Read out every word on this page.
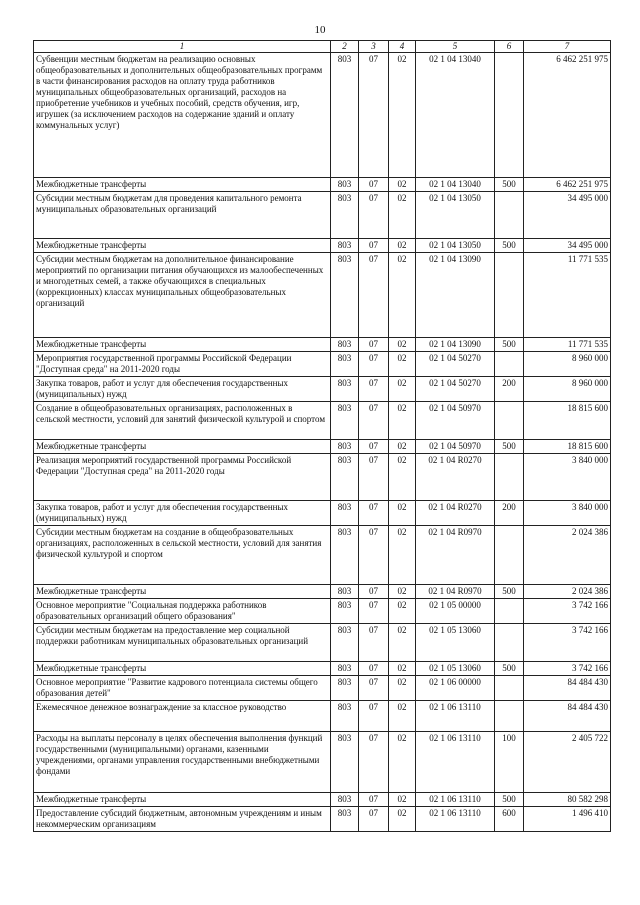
10
1	2	3	4	5	6	7
Субвенции местным бюджетам на реализацию основных общеобразовательных и дополнительных общеобразовательных программ в части финансирования расходов на оплату труда работников муниципальных общеобразовательных организаций, расходов на приобретение учебников и учебных пособий, средств обучения, игр, игрушек (за исключением расходов на содержание зданий и оплату коммунальных услуг)	803	07	02	02 1 04 13040		6 462 251 975
Межбюджетные трансферты	803	07	02	02 1 04 13040	500	6 462 251 975
Субсидии местным бюджетам для проведения капитального ремонта муниципальных образовательных организаций	803	07	02	02 1 04 13050		34 495 000
Межбюджетные трансферты	803	07	02	02 1 04 13050	500	34 495 000
Субсидии местным бюджетам на дополнительное финансирование мероприятий по организации питания обучающихся из малообеспеченных и многодетных семей, а также обучающихся в специальных (коррекционных) классах муниципальных общеобразовательных организаций	803	07	02	02 1 04 13090		11 771 535
Межбюджетные трансферты	803	07	02	02 1 04 13090	500	11 771 535
Мероприятия государственной программы Российской Федерации "Доступная среда" на 2011-2020 годы	803	07	02	02 1 04 50270		8 960 000
Закупка товаров, работ и услуг для обеспечения государственных (муниципальных) нужд	803	07	02	02 1 04 50270	200	8 960 000
Создание в общеобразовательных организациях, расположенных в сельской местности, условий для занятий физической культурой и спортом	803	07	02	02 1 04 50970		18 815 600
Межбюджетные трансферты	803	07	02	02 1 04 50970	500	18 815 600
Реализация мероприятий государственной программы Российской Федерации "Доступная среда" на 2011-2020 годы	803	07	02	02 1 04 R0270		3 840 000
Закупка товаров, работ и услуг для обеспечения государственных (муниципальных) нужд	803	07	02	02 1 04 R0270	200	3 840 000
Субсидии местным бюджетам на создание в общеобразовательных организациях, расположенных в сельской местности, условий для занятия физической культурой и спортом	803	07	02	02 1 04 R0970		2 024 386
Межбюджетные трансферты	803	07	02	02 1 04 R0970	500	2 024 386
Основное мероприятие "Социальная поддержка работников образовательных организаций общего образования"	803	07	02	02 1 05 00000		3 742 166
Субсидии местным бюджетам на предоставление мер социальной поддержки работникам муниципальных образовательных организаций	803	07	02	02 1 05 13060		3 742 166
Межбюджетные трансферты	803	07	02	02 1 05 13060	500	3 742 166
Основное мероприятие "Развитие кадрового потенциала системы общего образования детей"	803	07	02	02 1 06 00000		84 484 430
Ежемесячное денежное вознаграждение за классное руководство	803	07	02	02 1 06 13110		84 484 430
Расходы на выплаты персоналу в целях обеспечения выполнения функций государственными (муниципальными) органами, казенными учреждениями, органами управления государственными внебюджетными фондами	803	07	02	02 1 06 13110	100	2 405 722
Межбюджетные трансферты	803	07	02	02 1 06 13110	500	80 582 298
Предоставление субсидий бюджетным, автономным учреждениям и иным некоммерческим организациям	803	07	02	02 1 06 13110	600	1 496 410
